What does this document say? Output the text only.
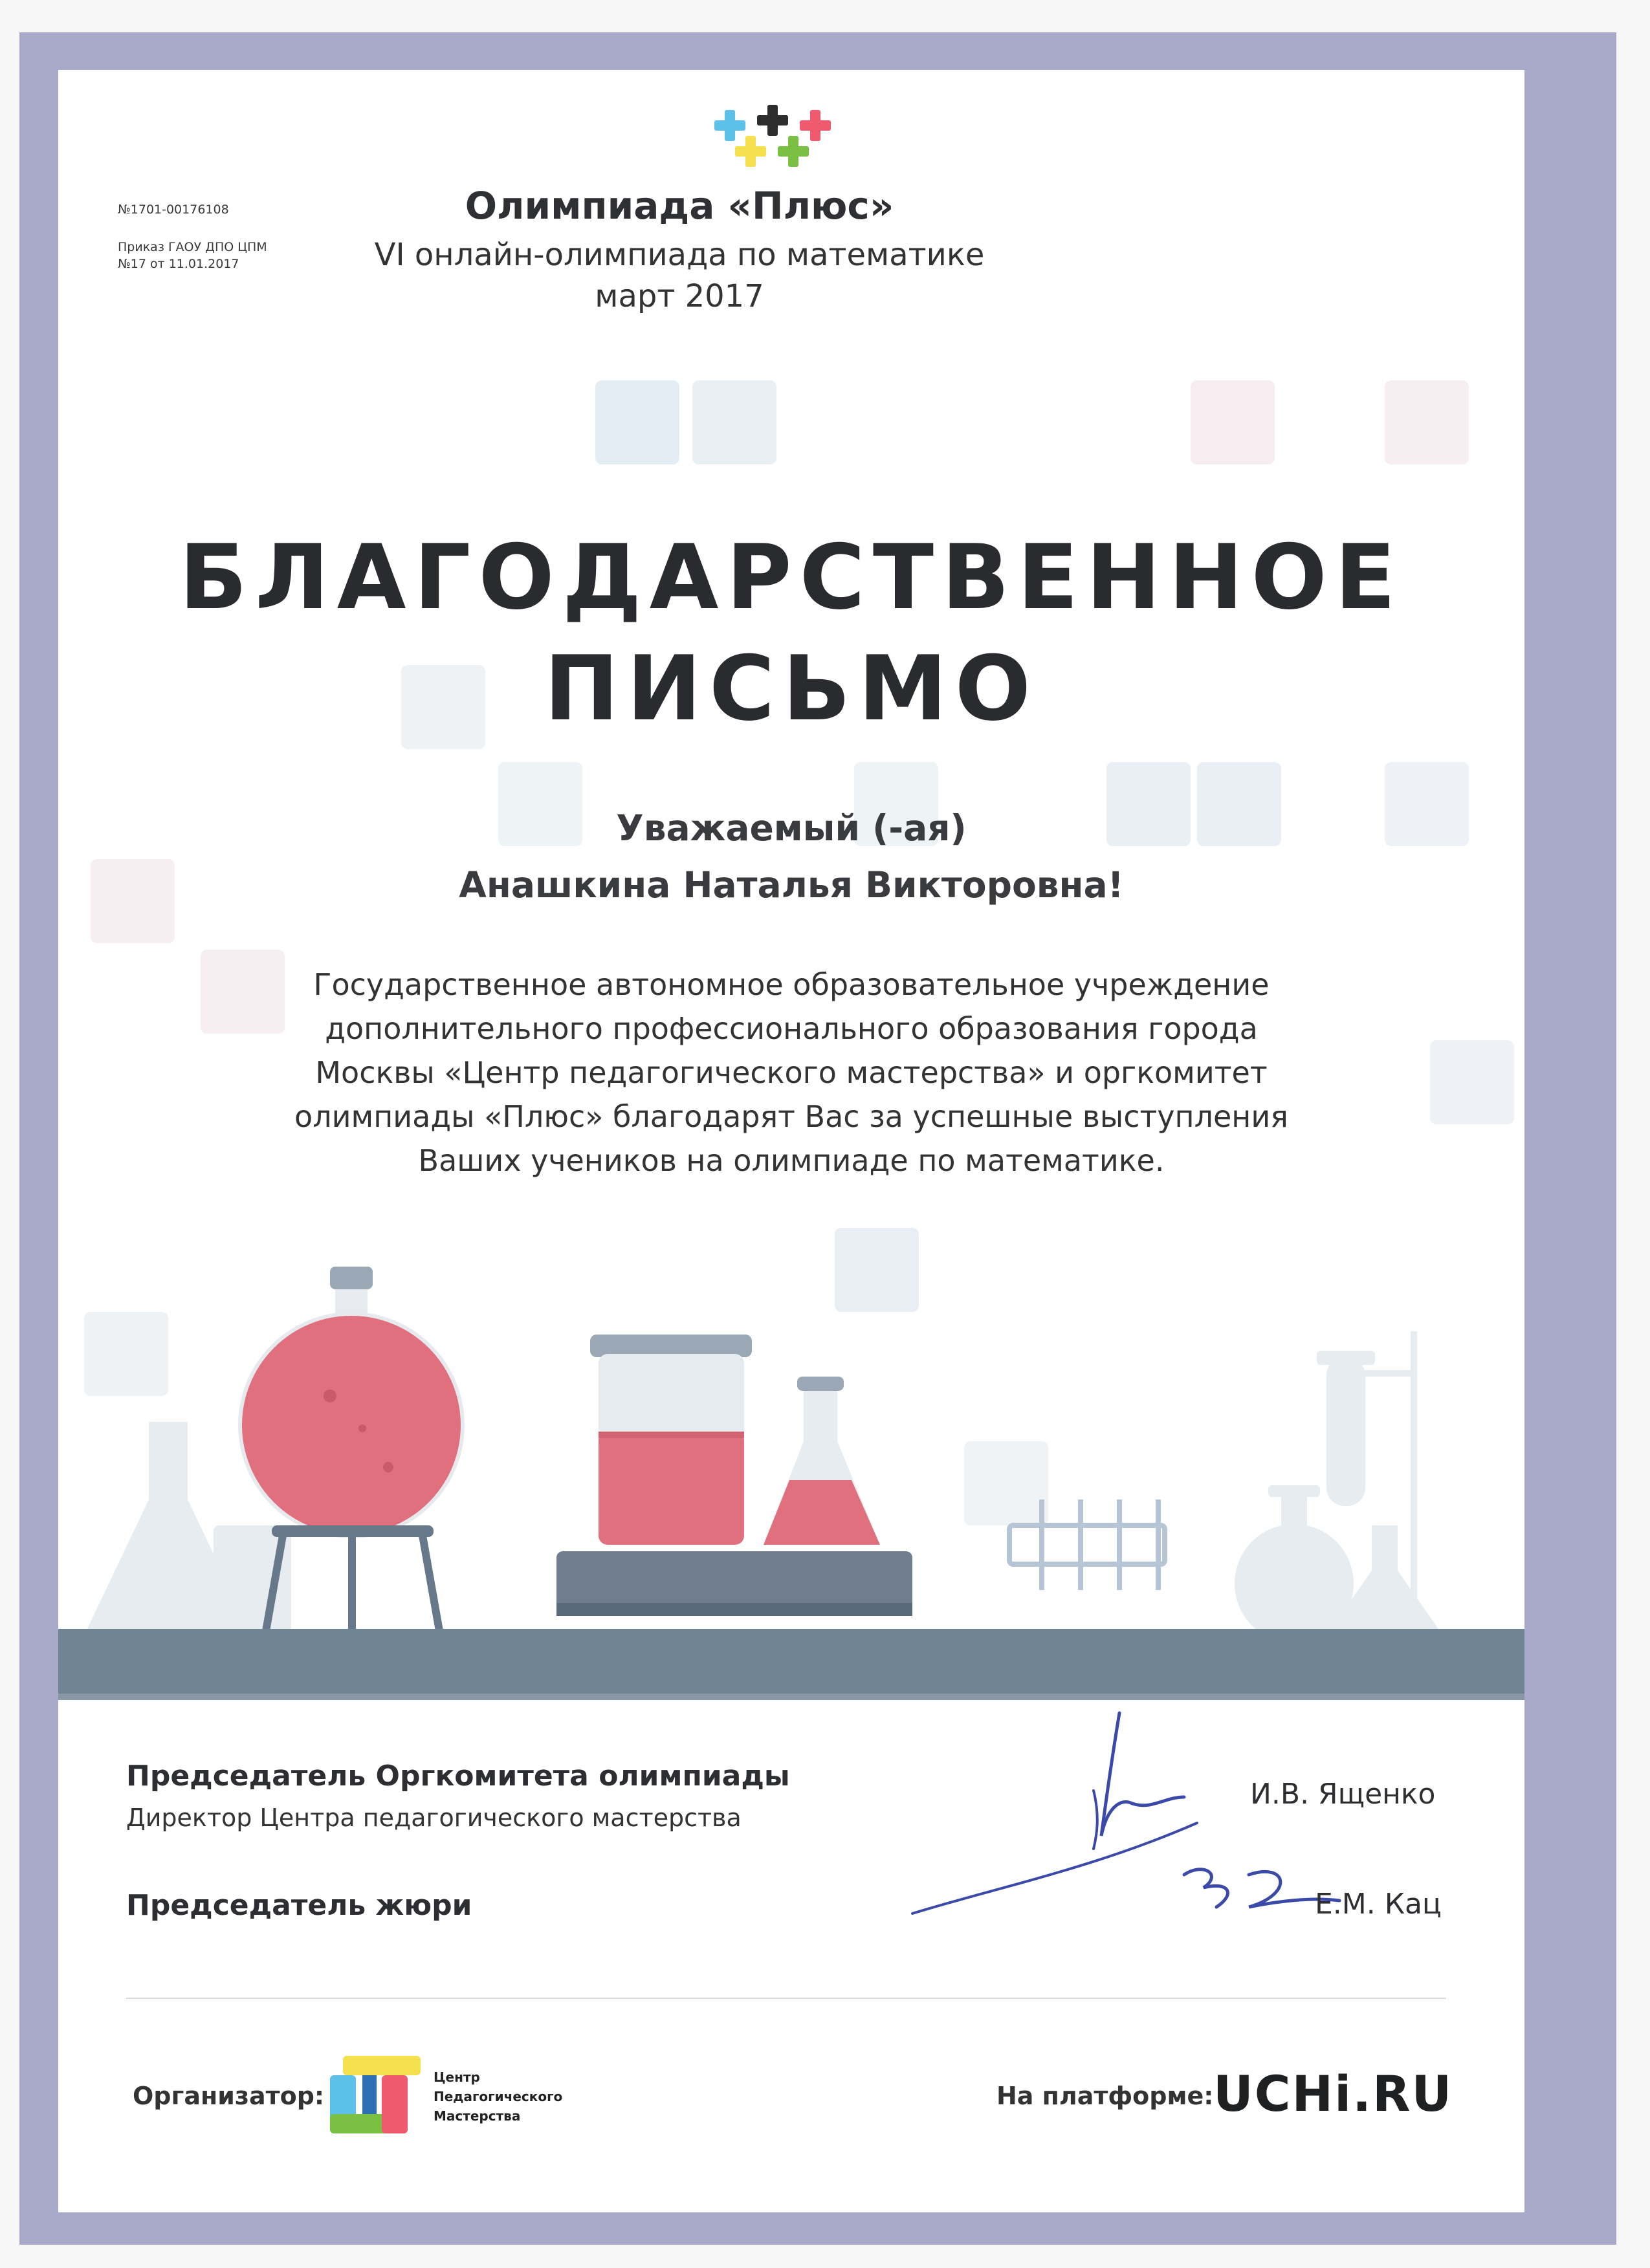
№1701-00176108
Приказ ГАОУ ДПО ЦПМ
№17 от 11.01.2017
Олимпиада «Плюс»
VI онлайн-олимпиада по математике
март 2017
БЛАГОДАРСТВЕННОЕ
ПИСЬМО
Уважаемый (-ая)
Анашкина Наталья Викторовна!
Государственное автономное образовательное учреждение
дополнительного профессионального образования города
Москвы «Центр педагогического мастерства» и оргкомитет
олимпиады «Плюс» благодарят Вас за успешные выступления
Ваших учеников на олимпиаде по математике.
Председатель Оргкомитета олимпиады
Директор Центра педагогического мастерства
Председатель жюри
И.В. Ященко
Е.М. Кац
Организатор:
Центр
Педагогического
Мастерства
На платформе: UCHi.RU
